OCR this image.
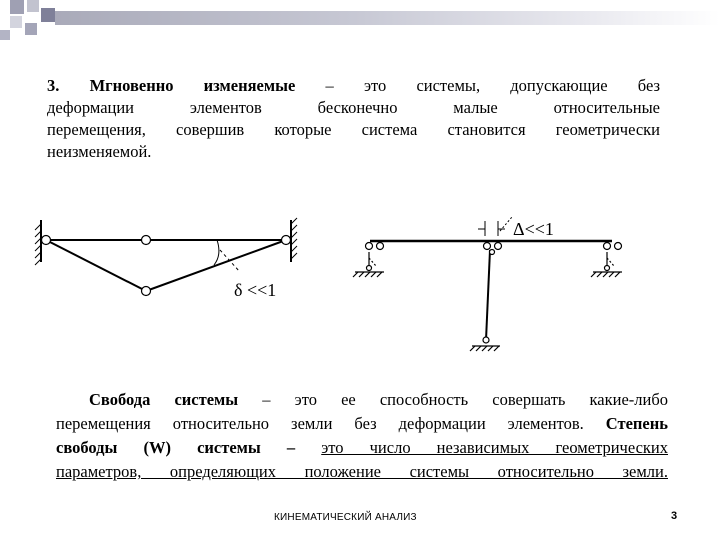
3. Мгновенно изменяемые – это системы, допускающие без
деформации элементов бесконечно малые относительные
перемещения, совершив которые система становится геометрически
неизменяемой.
δ <<1
Δ<<1
Свобода системы – это ее способность совершать какие-либо
перемещения относительно земли без деформации элементов. Степень
свободы (W) системы – это число независимых геометрических
параметров, определяющих положение системы относительно земли.
КИНЕМАТИЧЕСКИЙ АНАЛИЗ	3
